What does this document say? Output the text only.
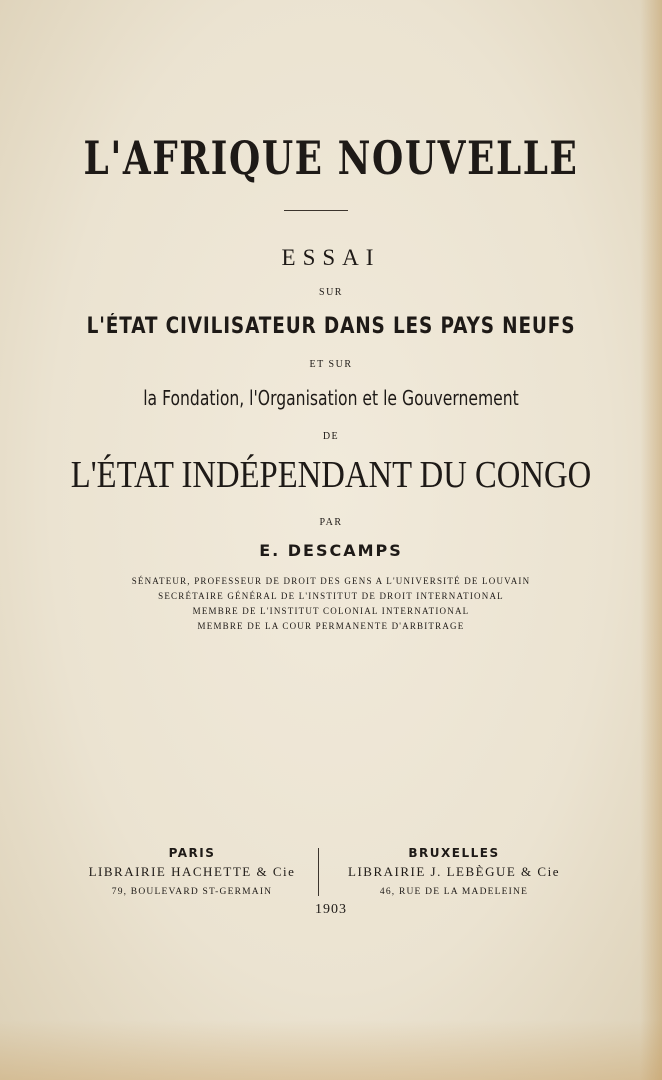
L'AFRIQUE NOUVELLE
ESSAI
SUR
L'ÉTAT CIVILISATEUR DANS LES PAYS NEUFS
ET SUR
la Fondation, l'Organisation et le Gouvernement
DE
L'ÉTAT INDÉPENDANT DU CONGO
PAR
E. DESCAMPS
SÉNATEUR, PROFESSEUR DE DROIT DES GENS A L'UNIVERSITÉ DE LOUVAIN
SECRÉTAIRE GÉNÉRAL DE L'INSTITUT DE DROIT INTERNATIONAL
MEMBRE DE L'INSTITUT COLONIAL INTERNATIONAL
MEMBRE DE LA COUR PERMANENTE D'ARBITRAGE
PARIS
LIBRAIRIE HACHETTE & Cie
79, BOULEVARD ST-GERMAIN
BRUXELLES
LIBRAIRIE J. LEBÈGUE & Cie
46, RUE DE LA MADELEINE
1903
